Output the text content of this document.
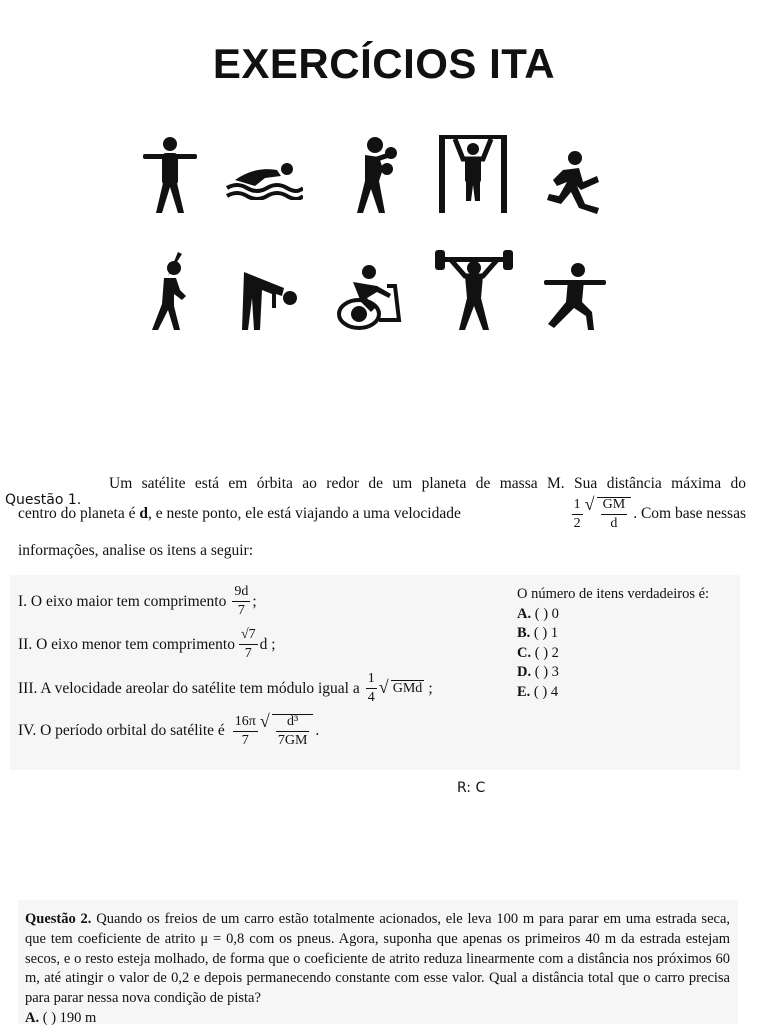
EXERCÍCIOS ITA
Questão 1.
Um satélite está em órbita ao redor de um planeta de massa M. Sua distância máxima do
centro do planeta é d, e neste ponto, ele está viajando a uma velocidade	$\frac{1}{2}$ √ $\frac{GM}{d}$ . Com base nessas
informações, analise os itens a seguir:
I. O eixo maior tem comprimento $\frac{9d}{7}$ ;
II. O eixo menor tem comprimento $\frac{√7}{7}$ d ;
III. A velocidade areolar do satélite tem módulo igual a $\frac{1}{4}$ √ GMd ;
IV. O período orbital do satélite é $\frac{16\pi}{7}$ √ $\frac{\text{d³}}{7GM}$ .
O número de itens verdadeiros é:
A. ( ) 0
B. ( ) 1
C. ( ) 2
D. ( ) 3
E. ( ) 4
R: C
Questão 2. Quando os freios de um carro estão totalmente acionados, ele leva 100 m para parar em uma estrada seca, que tem coeficiente de atrito μ = 0,8 com os pneus. Agora, suponha que apenas os primeiros 40 m da estrada estejam secos, e o resto esteja molhado, de forma que o coeficiente de atrito reduza linearmente com a distância nos próximos 60 m, até atingir o valor de 0,2 e depois permanecendo constante com esse valor. Qual a distância total que o carro precisa para parar nessa nova condição de pista?
A. ( ) 190 m
